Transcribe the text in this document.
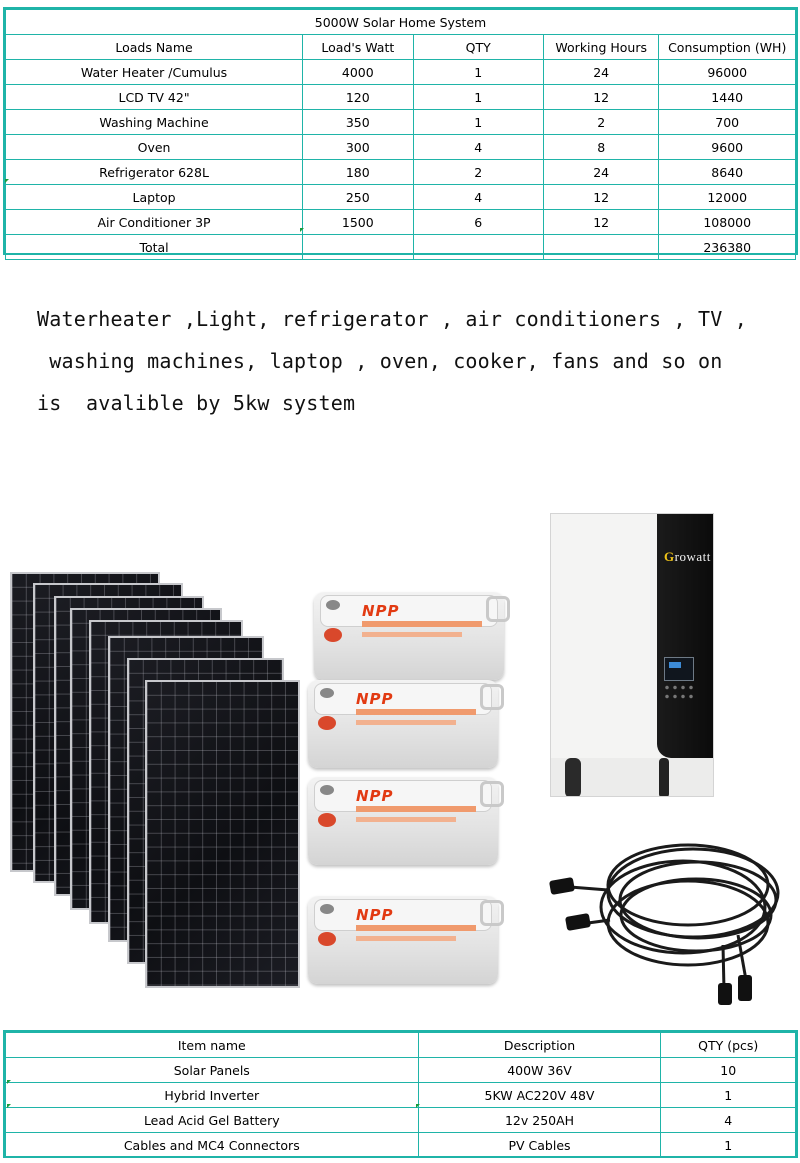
5000W Solar Home System				
Loads Name	Load's Watt	QTY	Working Hours	Consumption (WH)
Water Heater /Cumulus	4000	1	24	96000
LCD TV 42"	120	1	12	1440
Washing Machine	350	1	2	700
Oven	300	4	8	9600
Refrigerator 628L	180	2	24	8640
Laptop	250	4	12	12000
Air Conditioner 3P	1500	6	12	108000
Total				236380
Waterheater ,Light, refrigerator , air conditioners , TV ,
washing machines, laptop , oven, cooker, fans and so on
is  avalible by 5kw system
NPP
NPP
NPP
NPP
Growatt
Item name	Description	QTY (pcs)
Solar Panels	400W 36V	10
Hybrid Inverter	5KW AC220V 48V	1
Lead Acid Gel Battery	12v 250AH	4
Cables and MC4 Connectors	PV Cables	1
